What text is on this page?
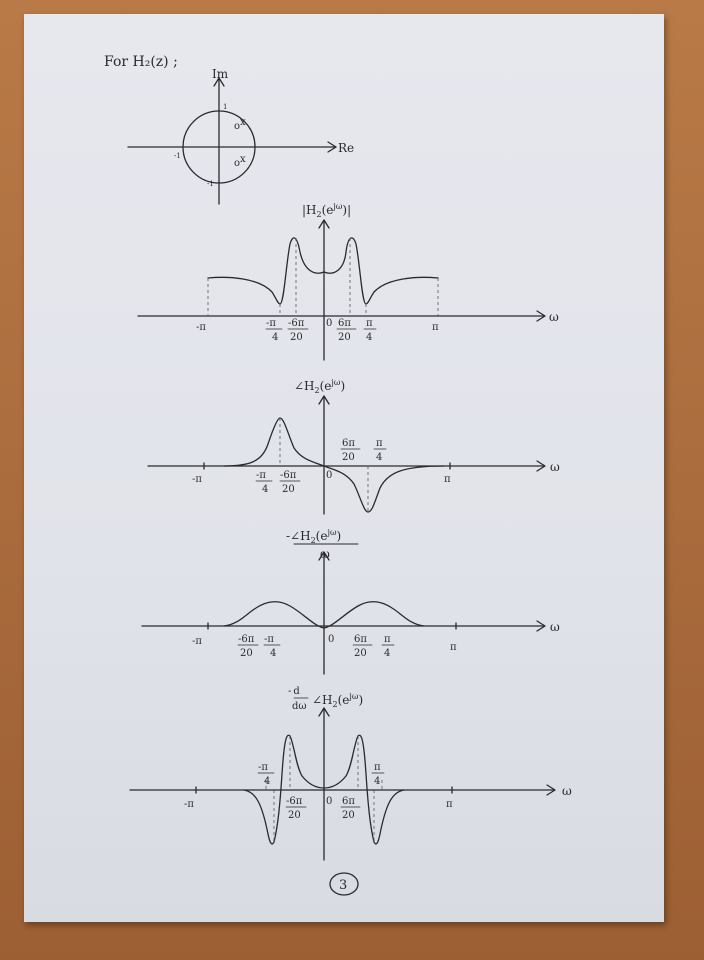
For H₂(z) ;
Im
Re
1
-1
-1
o x
o x
$|H_2(e^{j\omega})|$
ω
-π	-π
4
-6π
20
0 6π
20
π
4
π
$\angle H_2(e^{j\omega})$
ω
-π	-π
4
-6π
20
0
6π
20
π
4
π
$-\angle H_2(e^{j\omega})$
ω
ω
-π	-6π
20
-π
4
0 6π
20
π
4
π
- d
dω $\angle H_2(e^{j\omega})$
ω
-π
-π
4
-6π
20
0 6π
20
π
4
π
3
